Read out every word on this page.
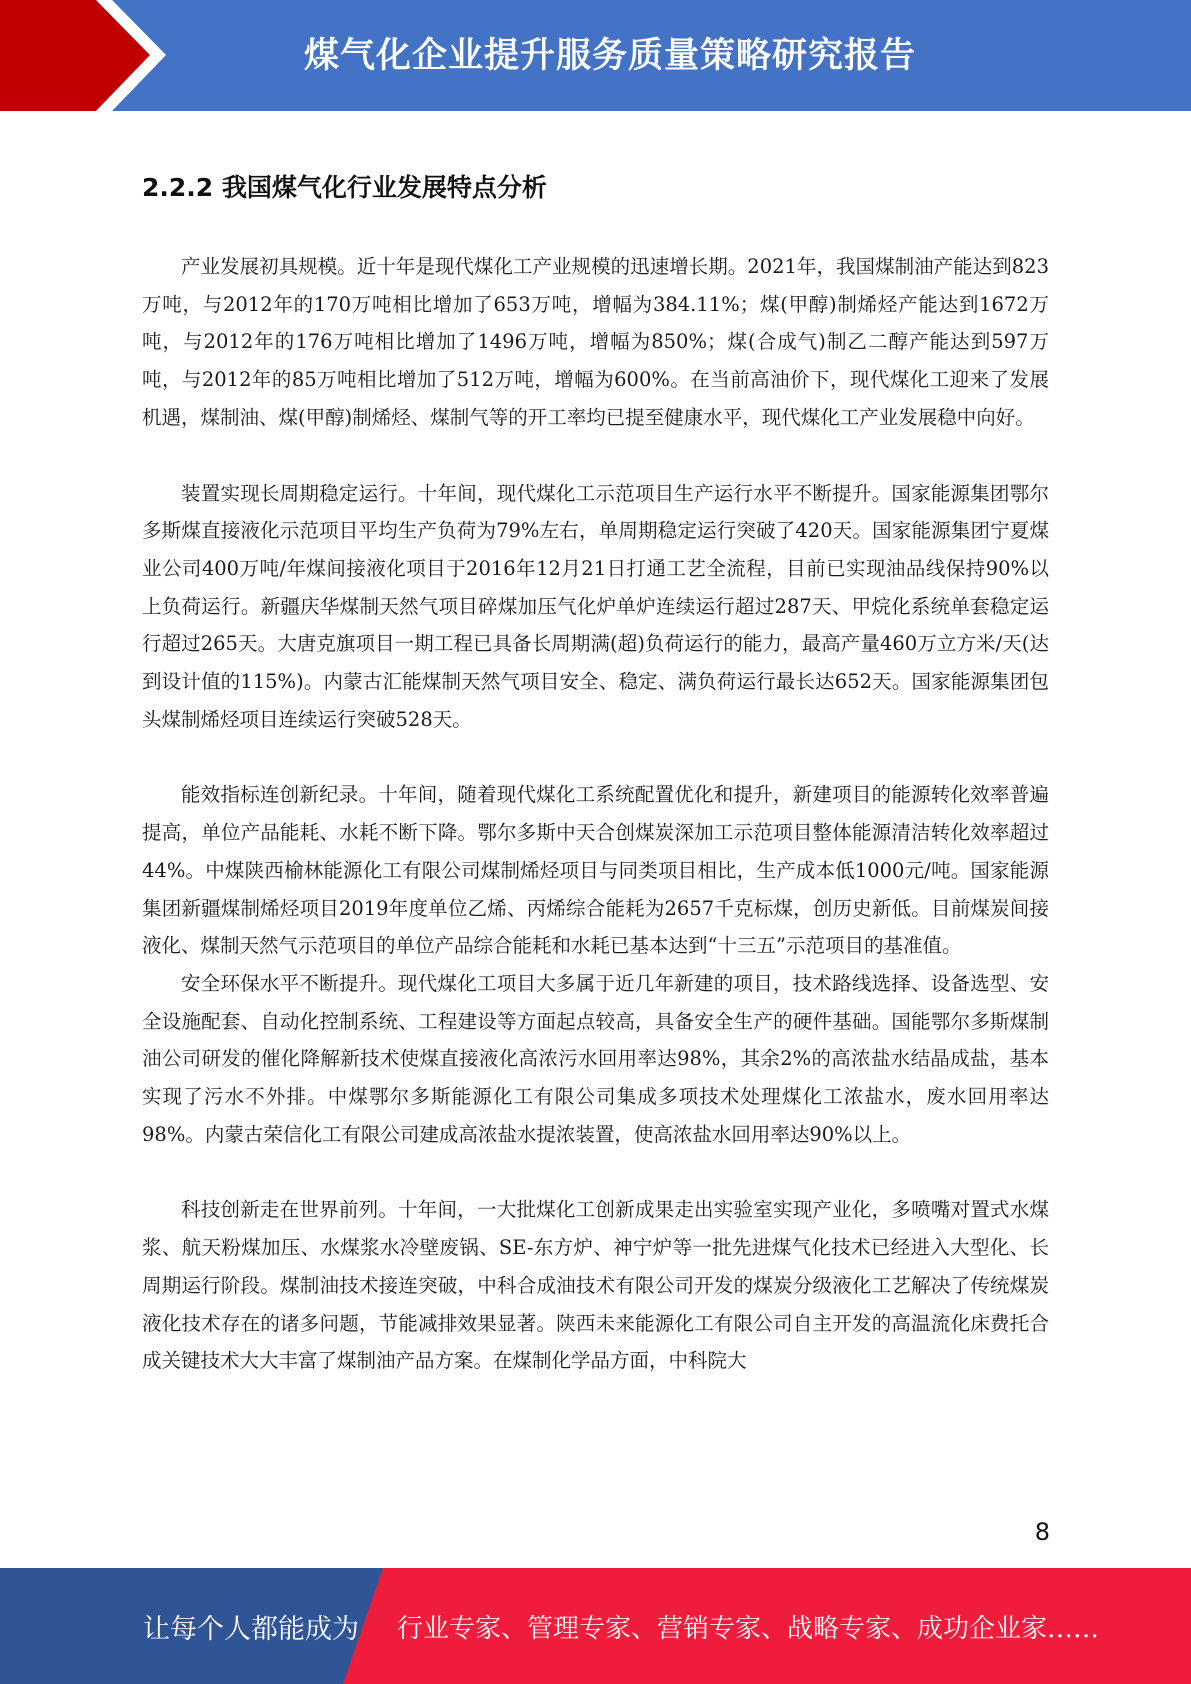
煤气化企业提升服务质量策略研究报告
2.2.2 我国煤气化行业发展特点分析

产业发展初具规模。近十年是现代煤化工产业规模的迅速增长期。2021年，我国煤制油产能达到823万吨，与2012年的170万吨相比增加了653万吨，增幅为384.11%；煤(甲醇)制烯烃产能达到1672万吨，与2012年的176万吨相比增加了1496万吨，增幅为850%；煤(合成气)制乙二醇产能达到597万吨，与2012年的85万吨相比增加了512万吨，增幅为600%。在当前高油价下，现代煤化工迎来了发展机遇，煤制油、煤(甲醇)制烯烃、煤制气等的开工率均已提至健康水平，现代煤化工产业发展稳中向好。

装置实现长周期稳定运行。十年间，现代煤化工示范项目生产运行水平不断提升。国家能源集团鄂尔多斯煤直接液化示范项目平均生产负荷为79%左右，单周期稳定运行突破了420天。国家能源集团宁夏煤业公司400万吨/年煤间接液化项目于2016年12月21日打通工艺全流程，目前已实现油品线保持90%以上负荷运行。新疆庆华煤制天然气项目碎煤加压气化炉单炉连续运行超过287天、甲烷化系统单套稳定运行超过265天。大唐克旗项目一期工程已具备长周期满(超)负荷运行的能力，最高产量460万立方米/天(达到设计值的115%)。内蒙古汇能煤制天然气项目安全、稳定、满负荷运行最长达652天。国家能源集团包头煤制烯烃项目连续运行突破528天。

能效指标连创新纪录。十年间，随着现代煤化工系统配置优化和提升，新建项目的能源转化效率普遍提高，单位产品能耗、水耗不断下降。鄂尔多斯中天合创煤炭深加工示范项目整体能源清洁转化效率超过44%。中煤陕西榆林能源化工有限公司煤制烯烃项目与同类项目相比，生产成本低1000元/吨。国家能源集团新疆煤制烯烃项目2019年度单位乙烯、丙烯综合能耗为2657千克标煤，创历史新低。目前煤炭间接液化、煤制天然气示范项目的单位产品综合能耗和水耗已基本达到“十三五”示范项目的基准值。

安全环保水平不断提升。现代煤化工项目大多属于近几年新建的项目，技术路线选择、设备选型、安全设施配套、自动化控制系统、工程建设等方面起点较高，具备安全生产的硬件基础。国能鄂尔多斯煤制油公司研发的催化降解新技术使煤直接液化高浓污水回用率达98%，其余2%的高浓盐水结晶成盐，基本实现了污水不外排。中煤鄂尔多斯能源化工有限公司集成多项技术处理煤化工浓盐水，废水回用率达98%。内蒙古荣信化工有限公司建成高浓盐水提浓装置，使高浓盐水回用率达90%以上。

科技创新走在世界前列。十年间，一大批煤化工创新成果走出实验室实现产业化，多喷嘴对置式水煤浆、航天粉煤加压、水煤浆水冷壁废锅、SE-东方炉、神宁炉等一批先进煤气化技术已经进入大型化、长周期运行阶段。煤制油技术接连突破，中科合成油技术有限公司开发的煤炭分级液化工艺解决了传统煤炭液化技术存在的诸多问题，节能减排效果显著。陕西未来能源化工有限公司自主开发的高温流化床费托合成关键技术大大丰富了煤制油产品方案。在煤制化学品方面，中科院大

8
让每个人都能成为 行业专家、管理专家、营销专家、战略专家、成功企业家……
